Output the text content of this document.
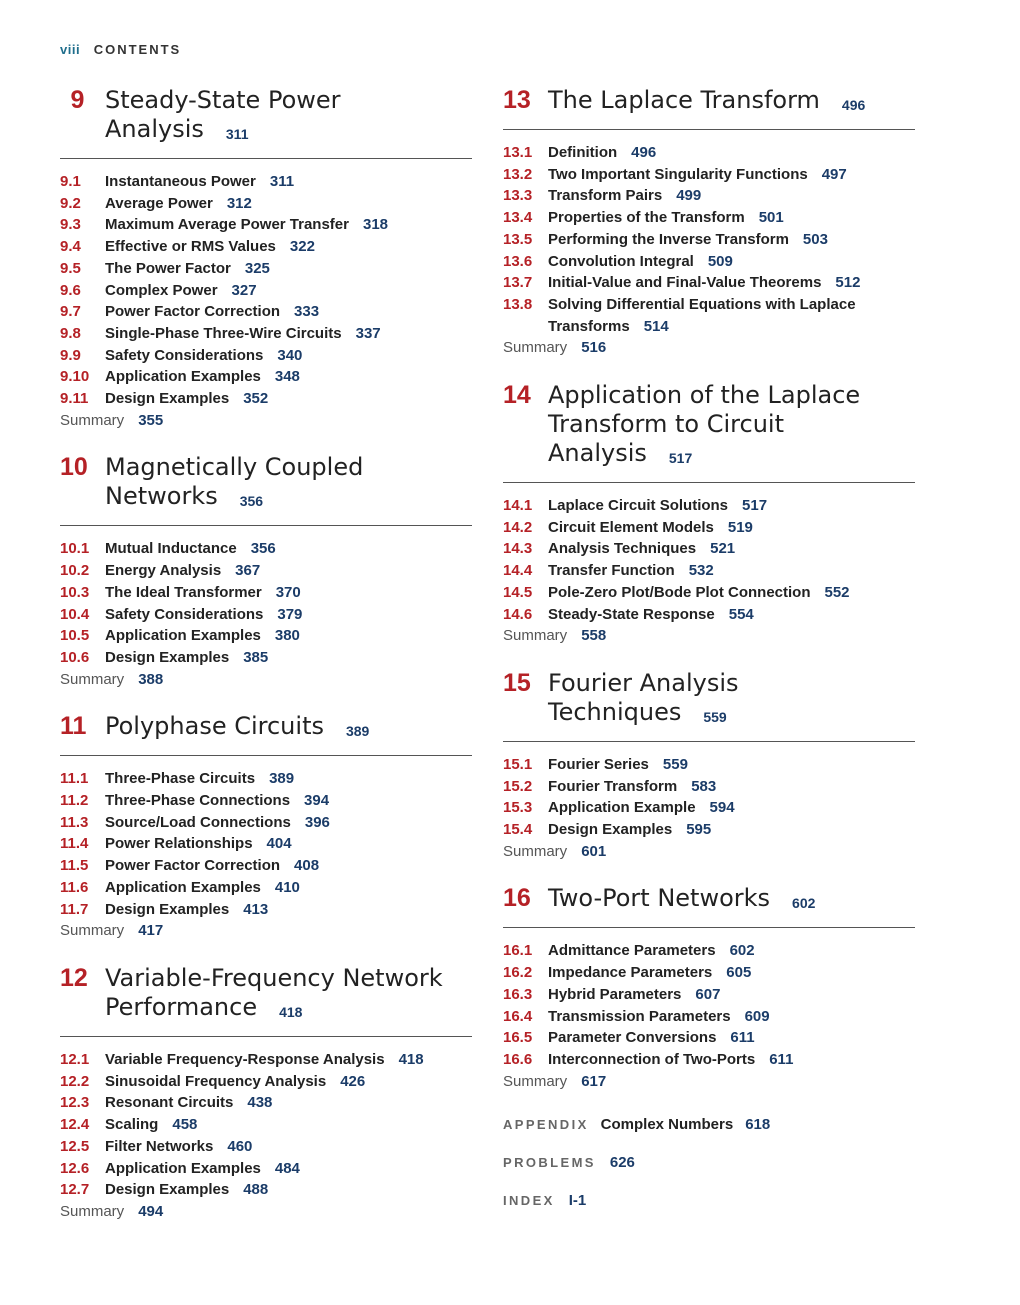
viii CONTENTS
9 Steady-State Power Analysis 311
9.1	Instantaneous Power 311
9.2	Average Power 312
9.3	Maximum Average Power Transfer 318
9.4	Effective or RMS Values 322
9.5	The Power Factor 325
9.6	Complex Power 327
9.7	Power Factor Correction 333
9.8	Single-Phase Three-Wire Circuits 337
9.9	Safety Considerations 340
9.10	Application Examples 348
9.11	Design Examples 352
Summary 355
10 Magnetically Coupled
Networks 356
10.1	Mutual Inductance 356
10.2	Energy Analysis 367
10.3	The Ideal Transformer 370
10.4	Safety Considerations 379
10.5	Application Examples 380
10.6	Design Examples 385
Summary 388
11 Polyphase Circuits 389
11.1	Three-Phase Circuits 389
11.2	Three-Phase Connections 394
11.3	Source/Load Connections 396
11.4	Power Relationships 404
11.5	Power Factor Correction 408
11.6	Application Examples 410
11.7	Design Examples 413
Summary 417
12 Variable-Frequency Network
Performance 418
12.1	Variable Frequency-Response Analysis 418
12.2	Sinusoidal Frequency Analysis 426
12.3	Resonant Circuits 438
12.4	Scaling 458
12.5	Filter Networks 460
12.6	Application Examples 484
12.7	Design Examples 488
Summary 494
13 The Laplace Transform 496
13.1	Definition 496
13.2	Two Important Singularity Functions 497
13.3	Transform Pairs 499
13.4	Properties of the Transform 501
13.5	Performing the Inverse Transform 503
13.6	Convolution Integral 509
13.7	Initial-Value and Final-Value Theorems 512
13.8	Solving Differential Equations with Laplace Transforms 514
Summary 516
14 Application of the Laplace
Transform to Circuit Analysis 517
14.1	Laplace Circuit Solutions 517
14.2	Circuit Element Models 519
14.3	Analysis Techniques 521
14.4	Transfer Function 532
14.5	Pole-Zero Plot/Bode Plot Connection 552
14.6	Steady-State Response 554
Summary 558
15 Fourier Analysis Techniques 559
15.1	Fourier Series 559
15.2	Fourier Transform 583
15.3	Application Example 594
15.4	Design Examples 595
Summary 601
16 Two-Port Networks 602
16.1	Admittance Parameters 602
16.2	Impedance Parameters 605
16.3	Hybrid Parameters 607
16.4	Transmission Parameters 609
16.5	Parameter Conversions 611
16.6	Interconnection of Two-Ports 611
Summary 617
APPENDIX Complex Numbers 618
PROBLEMS 626
INDEX I-1
